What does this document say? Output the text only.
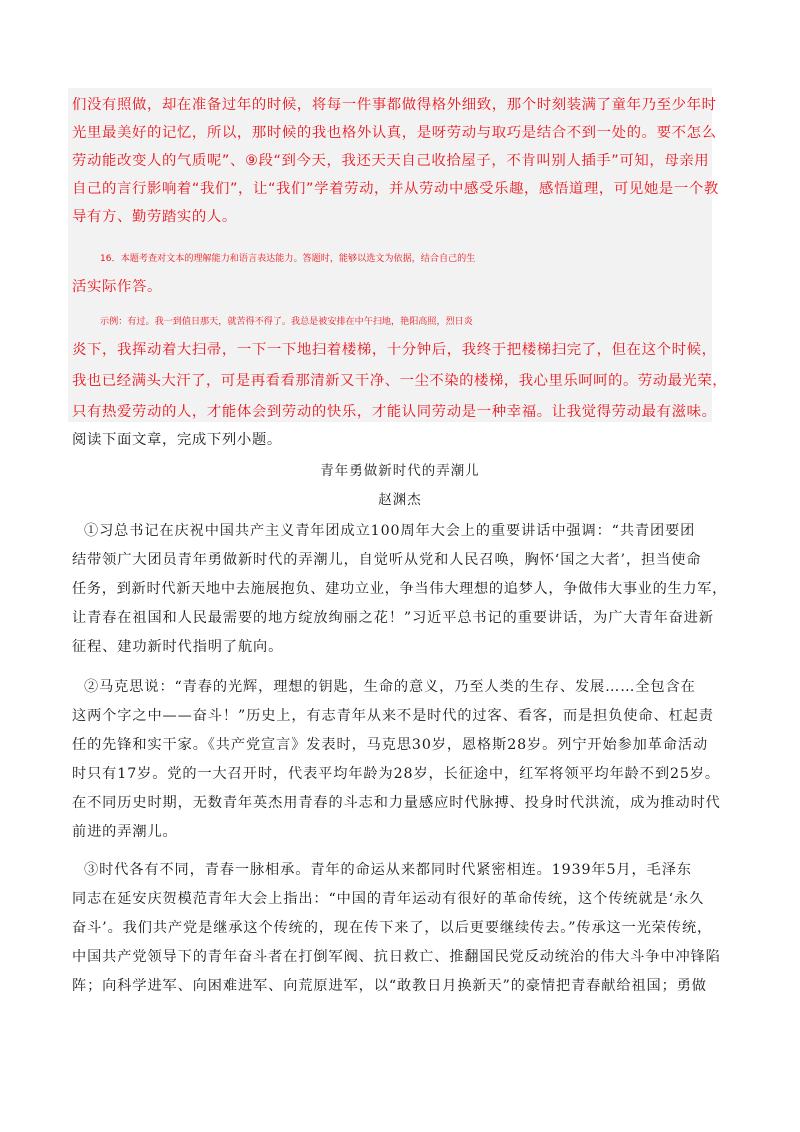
们没有照做，却在准备过年的时候，将每一件事都做得格外细致，那个时刻装满了童年乃至少年时
光里最美好的记忆，所以，那时候的我也格外认真，是呀劳动与取巧是结合不到一处的。要不怎么
劳动能改变人的气质呢”、⑨段“到今天，我还天天自己收拾屋子，不肯叫别人插手”可知，母亲用
自己的言行影响着“我们”，让“我们”学着劳动，并从劳动中感受乐趣，感悟道理，可见她是一个教
导有方、勤劳踏实的人。
16．本题考查对文本的理解能力和语言表达能力。答题时，能够以选文为依据，结合自己的生
活实际作答。
示例：有过。我一到值日那天，就苦得不得了。我总是被安排在中午扫地，艳阳高照，烈日炎
炎下，我挥动着大扫帚，一下一下地扫着楼梯，十分钟后，我终于把楼梯扫完了，但在这个时候，
我也已经满头大汗了，可是再看看那清新又干净、一尘不染的楼梯，我心里乐呵呵的。劳动最光荣，
只有热爱劳动的人，才能体会到劳动的快乐，才能认同劳动是一种幸福。让我觉得劳动最有滋味。
阅读下面文章，完成下列小题。
青年勇做新时代的弄潮儿
赵渊杰
①习总书记在庆祝中国共产主义青年团成立100周年大会上的重要讲话中强调：“共青团要团
结带领广大团员青年勇做新时代的弄潮儿，自觉听从党和人民召唤，胸怀‘国之大者’，担当使命
任务，到新时代新天地中去施展抱负、建功立业，争当伟大理想的追梦人，争做伟大事业的生力军，
让青春在祖国和人民最需要的地方绽放绚丽之花！”习近平总书记的重要讲话，为广大青年奋进新
征程、建功新时代指明了航向。
②马克思说：“青春的光辉，理想的钥匙，生命的意义，乃至人类的生存、发展……全包含在
这两个字之中——奋斗！”历史上，有志青年从来不是时代的过客、看客，而是担负使命、杠起责
任的先锋和实干家。《共产党宣言》发表时，马克思30岁，恩格斯28岁。列宁开始参加革命活动
时只有17岁。党的一大召开时，代表平均年龄为28岁，长征途中，红军将领平均年龄不到25岁。
在不同历史时期，无数青年英杰用青春的斗志和力量感应时代脉搏、投身时代洪流，成为推动时代
前进的弄潮儿。
③时代各有不同，青春一脉相承。青年的命运从来都同时代紧密相连。1939年5月，毛泽东
同志在延安庆贺模范青年大会上指出：“中国的青年运动有很好的革命传统，这个传统就是‘永久
奋斗’。我们共产党是继承这个传统的，现在传下来了，以后更要继续传去。”传承这一光荣传统，
中国共产党领导下的青年奋斗者在打倒军阀、抗日救亡、推翻国民党反动统治的伟大斗争中冲锋陷
阵；向科学进军、向困难进军、向荒原进军，以“敢教日月换新天”的豪情把青春献给祖国；勇做
